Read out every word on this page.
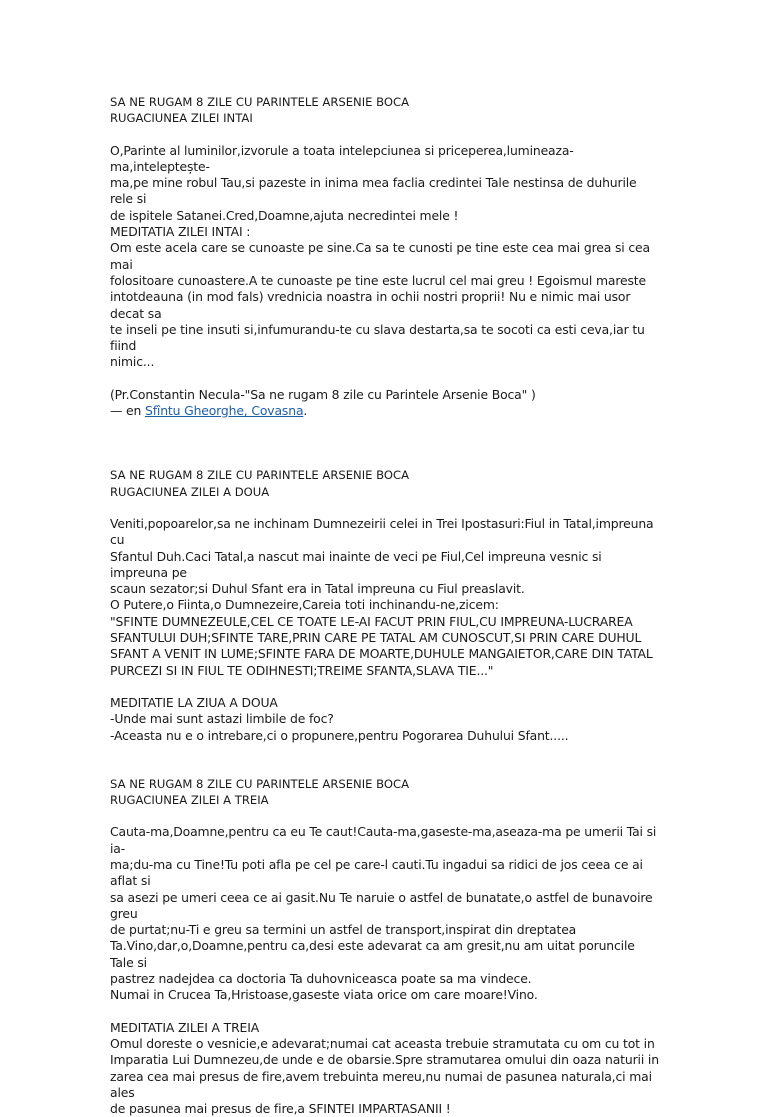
SA NE RUGAM 8 ZILE CU PARINTELE ARSENIE BOCA
RUGACIUNEA ZILEI INTAI
O,Parinte al luminilor,izvorule a toata intelepciunea si priceperea,lumineaza-ma,inteleptește-
ma,pe mine robul Tau,si pazeste in inima mea faclia credintei Tale nestinsa de duhurile rele si
de ispitele Satanei.Cred,Doamne,ajuta necredintei mele !
MEDITATIA ZILEI INTAI :
Om este acela care se cunoaste pe sine.Ca sa te cunosti pe tine este cea mai grea si cea mai
folositoare cunoastere.A te cunoaste pe tine este lucrul cel mai greu ! Egoismul mareste
intotdeauna (in mod fals) vrednicia noastra in ochii nostri proprii! Nu e nimic mai usor decat sa
te inseli pe tine insuti si,infumurandu-te cu slava destarta,sa te socoti ca esti ceva,iar tu fiind
nimic...
(Pr.Constantin Necula-"Sa ne rugam 8 zile cu Parintele Arsenie Boca" )
— en Sfîntu Gheorghe, Covasna.
SA NE RUGAM 8 ZILE CU PARINTELE ARSENIE BOCA
RUGACIUNEA ZILEI A DOUA
Veniti,popoarelor,sa ne inchinam Dumnezeirii celei in Trei Ipostasuri:Fiul in Tatal,impreuna cu
Sfantul Duh.Caci Tatal,a nascut mai inainte de veci pe Fiul,Cel impreuna vesnic si impreuna pe
scaun sezator;si Duhul Sfant era in Tatal impreuna cu Fiul preaslavit.
O Putere,o Fiinta,o Dumnezeire,Careia toti inchinandu-ne,zicem:
"SFINTE DUMNEZEULE,CEL CE TOATE LE-AI FACUT PRIN FIUL,CU IMPREUNA-LUCRAREA
SFANTULUI DUH;SFINTE TARE,PRIN CARE PE TATAL AM CUNOSCUT,SI PRIN CARE DUHUL
SFANT A VENIT IN LUME;SFINTE FARA DE MOARTE,DUHULE MANGAIETOR,CARE DIN TATAL
PURCEZI SI IN FIUL TE ODIHNESTI;TREIME SFANTA,SLAVA TIE..."
MEDITATIE LA ZIUA A DOUA
-Unde mai sunt astazi limbile de foc?
-Aceasta nu e o intrebare,ci o propunere,pentru Pogorarea Duhului Sfant.....
SA NE RUGAM 8 ZILE CU PARINTELE ARSENIE BOCA
RUGACIUNEA ZILEI A TREIA
Cauta-ma,Doamne,pentru ca eu Te caut!Cauta-ma,gaseste-ma,aseaza-ma pe umerii Tai si ia-
ma;du-ma cu Tine!Tu poti afla pe cel pe care-l cauti.Tu ingadui sa ridici de jos ceea ce ai aflat si
sa asezi pe umeri ceea ce ai gasit.Nu Te naruie o astfel de bunatate,o astfel de bunavoire greu
de purtat;nu-Ti e greu sa termini un astfel de transport,inspirat din dreptatea
Ta.Vino,dar,o,Doamne,pentru ca,desi este adevarat ca am gresit,nu am uitat poruncile Tale si
pastrez nadejdea ca doctoria Ta duhovniceasca poate sa ma vindece.
Numai in Crucea Ta,Hristoase,gaseste viata orice om care moare!Vino.
MEDITATIA ZILEI A TREIA
Omul doreste o vesnicie,e adevarat;numai cat aceasta trebuie stramutata cu om cu tot in
Imparatia Lui Dumnezeu,de unde e de obarsie.Spre stramutarea omului din oaza naturii in
zarea cea mai presus de fire,avem trebuinta mereu,nu numai de pasunea naturala,ci mai ales
de pasunea mai presus de fire,a SFINTEI IMPARTASANII !
